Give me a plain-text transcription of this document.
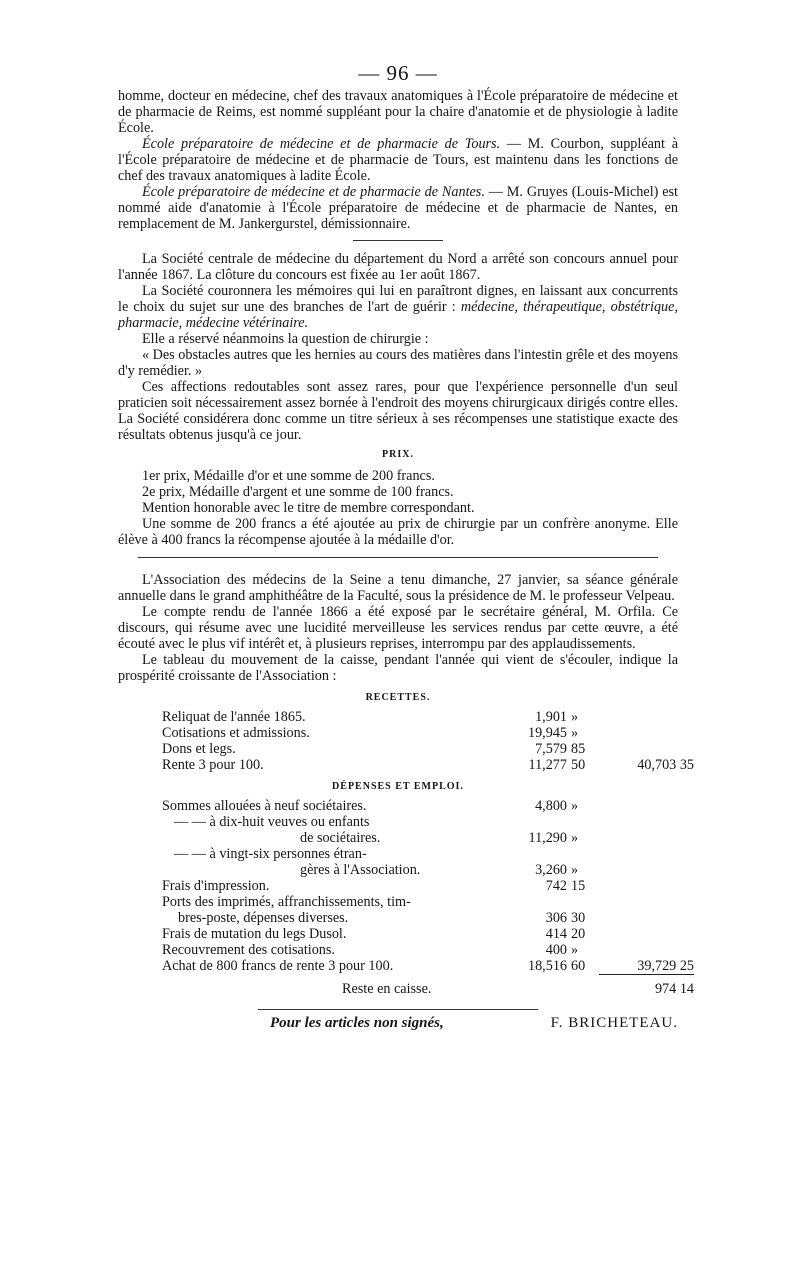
— 96 —

homme, docteur en médecine, chef des travaux anatomiques à l'École préparatoire de médecine et de pharmacie de Reims, est nommé suppléant pour la chaire d'anatomie et de physiologie à ladite École.

École préparatoire de médecine et de pharmacie de Tours. — M. Courbon, suppléant à l'École préparatoire de médecine et de pharmacie de Tours, est maintenu dans les fonctions de chef des travaux anatomiques à ladite École.

École préparatoire de médecine et de pharmacie de Nantes. — M. Gruyes (Louis-Michel) est nommé aide d'anatomie à l'École préparatoire de médecine et de pharmacie de Nantes, en remplacement de M. Jankergurstel, démissionnaire.

La Société centrale de médecine du département du Nord a arrêté son concours annuel pour l'année 1867. La clôture du concours est fixée au 1er août 1867.

La Société couronnera les mémoires qui lui en paraîtront dignes, en laissant aux concurrents le choix du sujet sur une des branches de l'art de guérir : médecine, thérapeutique, obstétrique, pharmacie, médecine vétérinaire.

Elle a réservé néanmoins la question de chirurgie :

« Des obstacles autres que les hernies au cours des matières dans l'intestin grêle et des moyens d'y remédier. »

Ces affections redoutables sont assez rares, pour que l'expérience personnelle d'un seul praticien soit nécessairement assez bornée à l'endroit des moyens chirurgicaux dirigés contre elles. La Société considérera donc comme un titre sérieux à ses récompenses une statistique exacte des résultats obtenus jusqu'à ce jour.

PRIX.

1er prix, Médaille d'or et une somme de 200 francs.

2e prix, Médaille d'argent et une somme de 100 francs.

Mention honorable avec le titre de membre correspondant.

Une somme de 200 francs a été ajoutée au prix de chirurgie par un confrère anonyme. Elle élève à 400 francs la récompense ajoutée à la médaille d'or.

L'Association des médecins de la Seine a tenu dimanche, 27 janvier, sa séance générale annuelle dans le grand amphithéâtre de la Faculté, sous la présidence de M. le professeur Velpeau.

Le compte rendu de l'année 1866 a été exposé par le secrétaire général, M. Orfila. Ce discours, qui résume avec une lucidité merveilleuse les services rendus par cette œuvre, a été écouté avec le plus vif intérêt et, à plusieurs reprises, interrompu par des applaudissements.

Le tableau du mouvement de la caisse, pendant l'année qui vient de s'écouler, indique la prospérité croissante de l'Association :

RECETTES.

Reliquat de l'année 1865.	1,901 »
Cotisations et admissions.	19,945 »
Dons et legs.	7,579 85
Rente 3 pour 100.	11,277 50	40,703 35

DÉPENSES ET EMPLOI.

Sommes allouées à neuf sociétaires.	4,800 »
— — à dix-huit veuves ou enfants
de sociétaires.	11,290 »
— — à vingt-six personnes étran-
gères à l'Association.	3,260 »
Frais d'impression.	742 15
Ports des imprimés, affranchissements, tim-
bres-poste, dépenses diverses.	306 30
Frais de mutation du legs Dusol.	414 20
Recouvrement des cotisations.	400 »
Achat de 800 francs de rente 3 pour 100.	18,516 60	39,729 25
Reste en caisse.	974 14
Pour les articles non signés,	F. BRICHETEAU.
